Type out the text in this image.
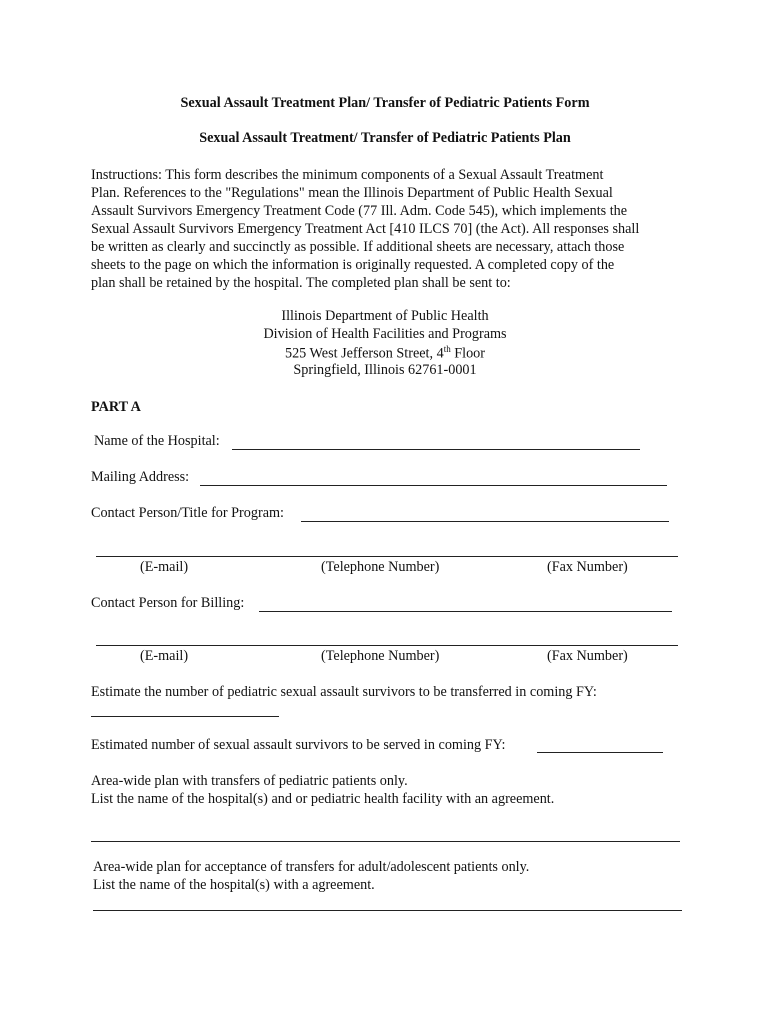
Sexual Assault Treatment Plan/ Transfer of Pediatric Patients Form
Sexual Assault Treatment/ Transfer of Pediatric Patients Plan
Instructions: This form describes the minimum components of a Sexual Assault Treatment
Plan. References to the "Regulations" mean the Illinois Department of Public Health Sexual
Assault Survivors Emergency Treatment Code (77 Ill. Adm. Code 545), which implements the
Sexual Assault Survivors Emergency Treatment Act [410 ILCS 70] (the Act). All responses shall
be written as clearly and succinctly as possible. If additional sheets are necessary, attach those
sheets to the page on which the information is originally requested. A completed copy of the
plan shall be retained by the hospital. The completed plan shall be sent to:
Illinois Department of Public Health
Division of Health Facilities and Programs
525 West Jefferson Street, 4th Floor
Springfield, Illinois 62761-0001
PART A
Name of the Hospital:
Mailing Address:
Contact Person/Title for Program:
(E-mail)	(Telephone Number)	(Fax Number)
Contact Person for Billing:
(E-mail)	(Telephone Number)	(Fax Number)
Estimate the number of pediatric sexual assault survivors to be transferred in coming FY:
Estimated number of sexual assault survivors to be served in coming FY:
Area-wide plan with transfers of pediatric patients only.
List the name of the hospital(s) and or pediatric health facility with an agreement.
Area-wide plan for acceptance of transfers for adult/adolescent patients only.
List the name of the hospital(s) with a agreement.
